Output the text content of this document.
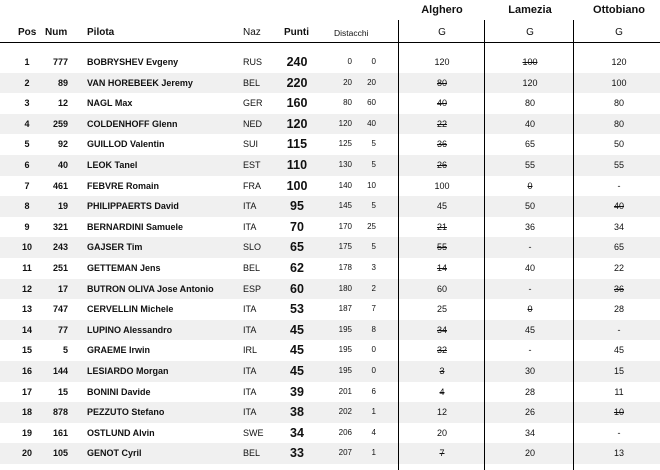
Alghero	Lamezia	Ottobiano
Pos Num Pilota	Naz Punti	Distacchi	G	G	G
1	777 BOBRYSHEV Evgeny	RUS	240	0	0	120	100	120
2	89 VAN HOREBEEK Jeremy	BEL	220	20	20	80	120	100
3	12 NAGL Max	GER	160	80	60	40	80	80
4	259 COLDENHOFF Glenn	NED	120	120	40	22	40	80
5	92 GUILLOD Valentin	SUI	115	125	5	36	65	50
6	40 LEOK Tanel	EST	110	130	5	26	55	55
7	461 FEBVRE Romain	FRA	100	140	10	100	0	-
8	19 PHILIPPAERTS David	ITA	95	145	5	45	50	40
9	321 BERNARDINI Samuele	ITA	70	170	25	21	36	34
10	243 GAJSER Tim	SLO	65	175	5	55	-	65
11	251 GETTEMAN Jens	BEL	62	178	3	14	40	22
12	17 BUTRON OLIVA Jose Antonio	ESP	60	180	2	60	-	36
13	747 CERVELLIN Michele	ITA	53	187	7	25	0	28
14	77 LUPINO Alessandro	ITA	45	195	8	34	45	-
15	5 GRAEME Irwin	IRL	45	195	0	32	-	45
16	144 LESIARDO Morgan	ITA	45	195	0	3	30	15
17	15 BONINI Davide	ITA	39	201	6	4	28	11
18	878 PEZZUTO Stefano	ITA	38	202	1	12	26	10
19	161 OSTLUND Alvin	SWE	34	206	4	20	34	-
20	105 GENOT Cyril	BEL	33	207	1	7	20	13
